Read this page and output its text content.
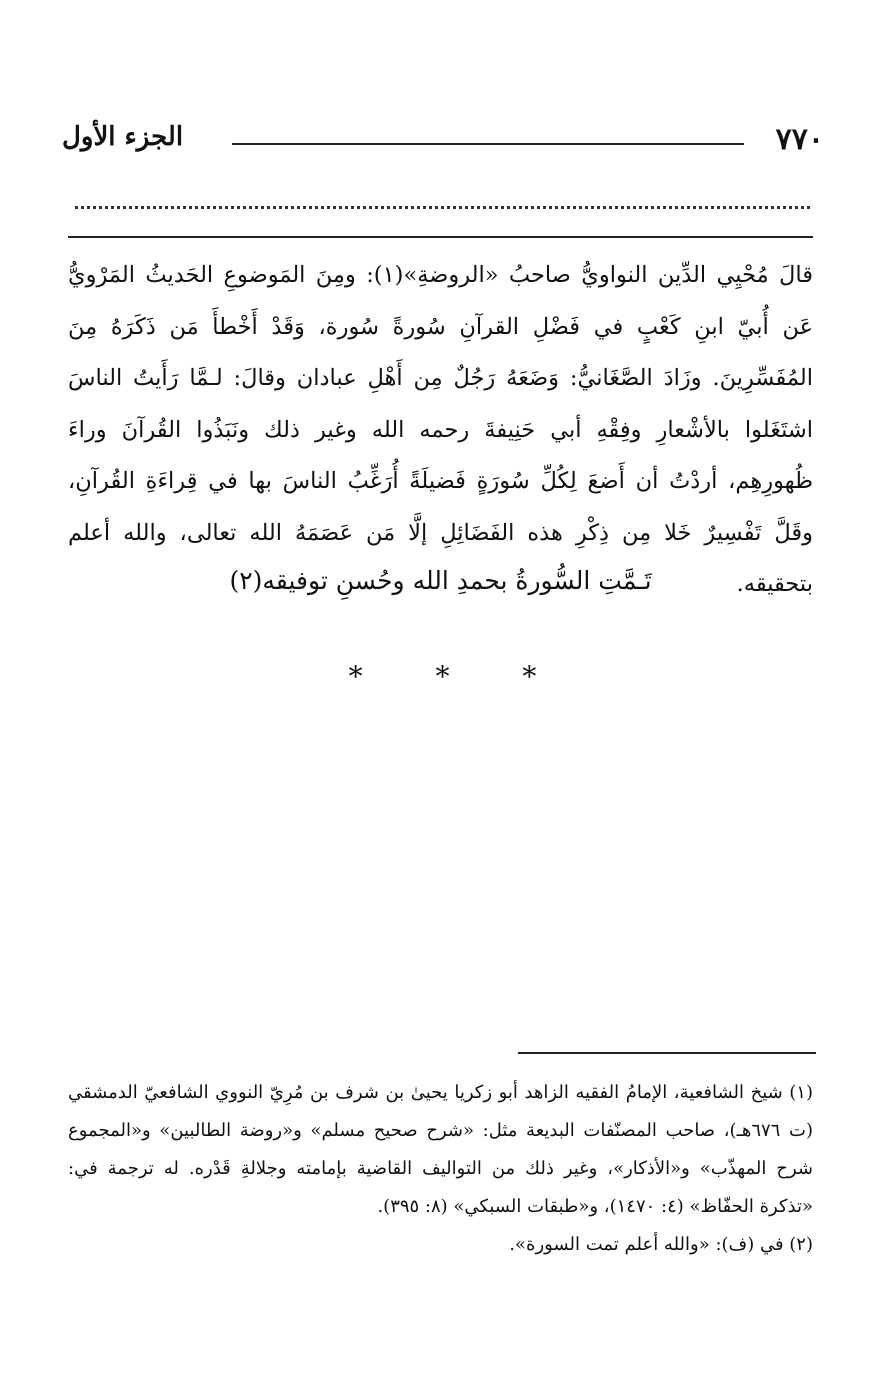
٧٧٠
الجزء الأول

قالَ مُحْيِي الدِّين النواويُّ صاحبُ «الروضةِ»(١): ومِنَ المَوضوعِ الحَديثُ المَرْويُّ عَن أُبيّ ابنِ كَعْبٍ في فَضْلِ القرآنِ سُورةً سُورة، وَقَدْ أَخْطأَ مَن ذَكَرَهُ مِنَ المُفَسِّرِينَ. وزَادَ الصَّغَانيُّ: وَضَعَهُ رَجُلٌ مِن أَهْلِ عبادان وقالَ: لـمَّا رَأَيتُ الناسَ اشتَغَلوا بالأشْعارِ وفِقْهِ أبي حَنِيفةَ رحمه الله وغير ذلك ونَبَذُوا القُرآنَ وراءَ ظُهورِهِم، أردْتُ أن أَضعَ لِكُلِّ سُورَةٍ فَضيلَةً أُرَغِّبُ الناسَ بها في قِراءَةِ القُرآنِ، وقَلَّ تَفْسِيرٌ خَلا مِن ذِكْرِ هذه الفَضَائِلِ إلَّا مَن عَصَمَهُ الله تعالى، والله أعلم بتحقيقه.

تَـمَّتِ السُّورةُ بحمدِ الله وحُسنِ توفيقه(٢)

*	*	*

(١) شيخ الشافعية، الإمامُ الفقيه الزاهد أبو زكريا يحيىٰ بن شرف بن مُرِيّ النووي الشافعيّ الدمشقي (ت ٦٧٦هـ)، صاحب المصنّفات البديعة مثل: «شرح صحيح مسلم» و«روضة الطالبين» و«المجموع شرح المهذّب» و«الأذكار»، وغير ذلك من التواليف القاضية بإمامته وجلالةِ قَدْره. له ترجمة في: «تذكرة الحفّاظ» (٤: ١٤٧٠)، و«طبقات السبكي» (٨: ٣٩٥).

(٢) في (ف): «والله أعلم تمت السورة».
